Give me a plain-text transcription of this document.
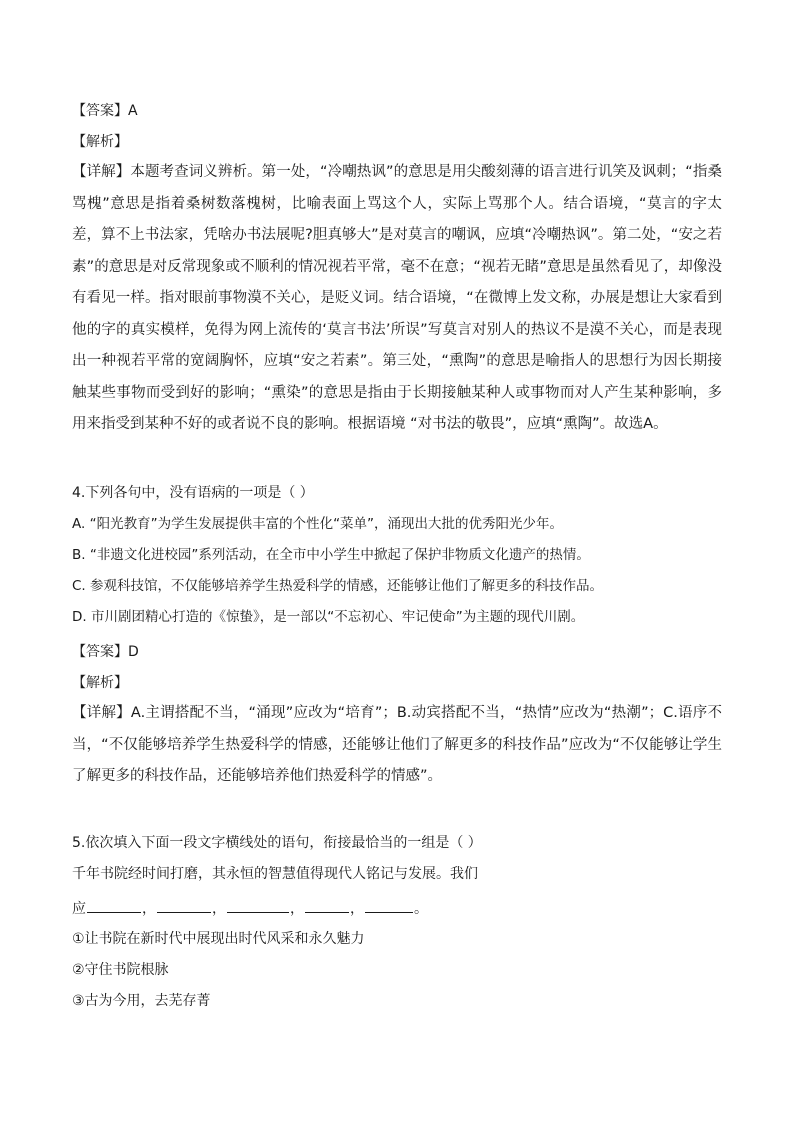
【答案】A
【解析】
【详解】本题考查词义辨析。第一处，“冷嘲热讽”的意思是用尖酸刻薄的语言进行讥笑及讽刺；“指桑骂槐”意思是指着桑树数落槐树，比喻表面上骂这个人，实际上骂那个人。结合语境，“莫言的字太差，算不上书法家，凭啥办书法展呢?胆真够大”是对莫言的嘲讽，应填“冷嘲热讽”。第二处，“安之若素”的意思是对反常现象或不顺利的情况视若平常，毫不在意；“视若无睹”意思是虽然看见了，却像没有看见一样。指对眼前事物漠不关心，是贬义词。结合语境，“在微博上发文称，办展是想让大家看到他的字的真实模样，免得为网上流传的‘莫言书法’所误”写莫言对别人的热议不是漠不关心，而是表现出一种视若平常的宽阔胸怀，应填“安之若素”。第三处，“熏陶”的意思是喻指人的思想行为因长期接触某些事物而受到好的影响；“熏染”的意思是指由于长期接触某种人或事物而对人产生某种影响，多用来指受到某种不好的或者说不良的影响。根据语境 “对书法的敬畏”，应填“熏陶”。故选A。
4.下列各句中，没有语病的一项是（ ）
A. “阳光教育”为学生发展提供丰富的个性化“菜单”，涌现出大批的优秀阳光少年。
B. “非遗文化进校园”系列活动，在全市中小学生中掀起了保护非物质文化遗产的热情。
C. 参观科技馆，不仅能够培养学生热爱科学的情感，还能够让他们了解更多的科技作品。
D. 市川剧团精心打造的《惊蛰》，是一部以“不忘初心、牢记使命”为主题的现代川剧。
【答案】D
【解析】
【详解】A.主谓搭配不当，“涌现”应改为“培育”；B.动宾搭配不当，“热情”应改为“热潮”；C.语序不当，“不仅能够培养学生热爱科学的情感，还能够让他们了解更多的科技作品”应改为“不仅能够让学生了解更多的科技作品，还能够培养他们热爱科学的情感”。
5.依次填入下面一段文字横线处的语句，衔接最恰当的一组是（ ）
千年书院经时间打磨，其永恒的智慧值得现代人铭记与发展。我们
应	，	，	，	，	。
①让书院在新时代中展现出时代风采和永久魅力
②守住书院根脉
③古为今用，去芜存菁
